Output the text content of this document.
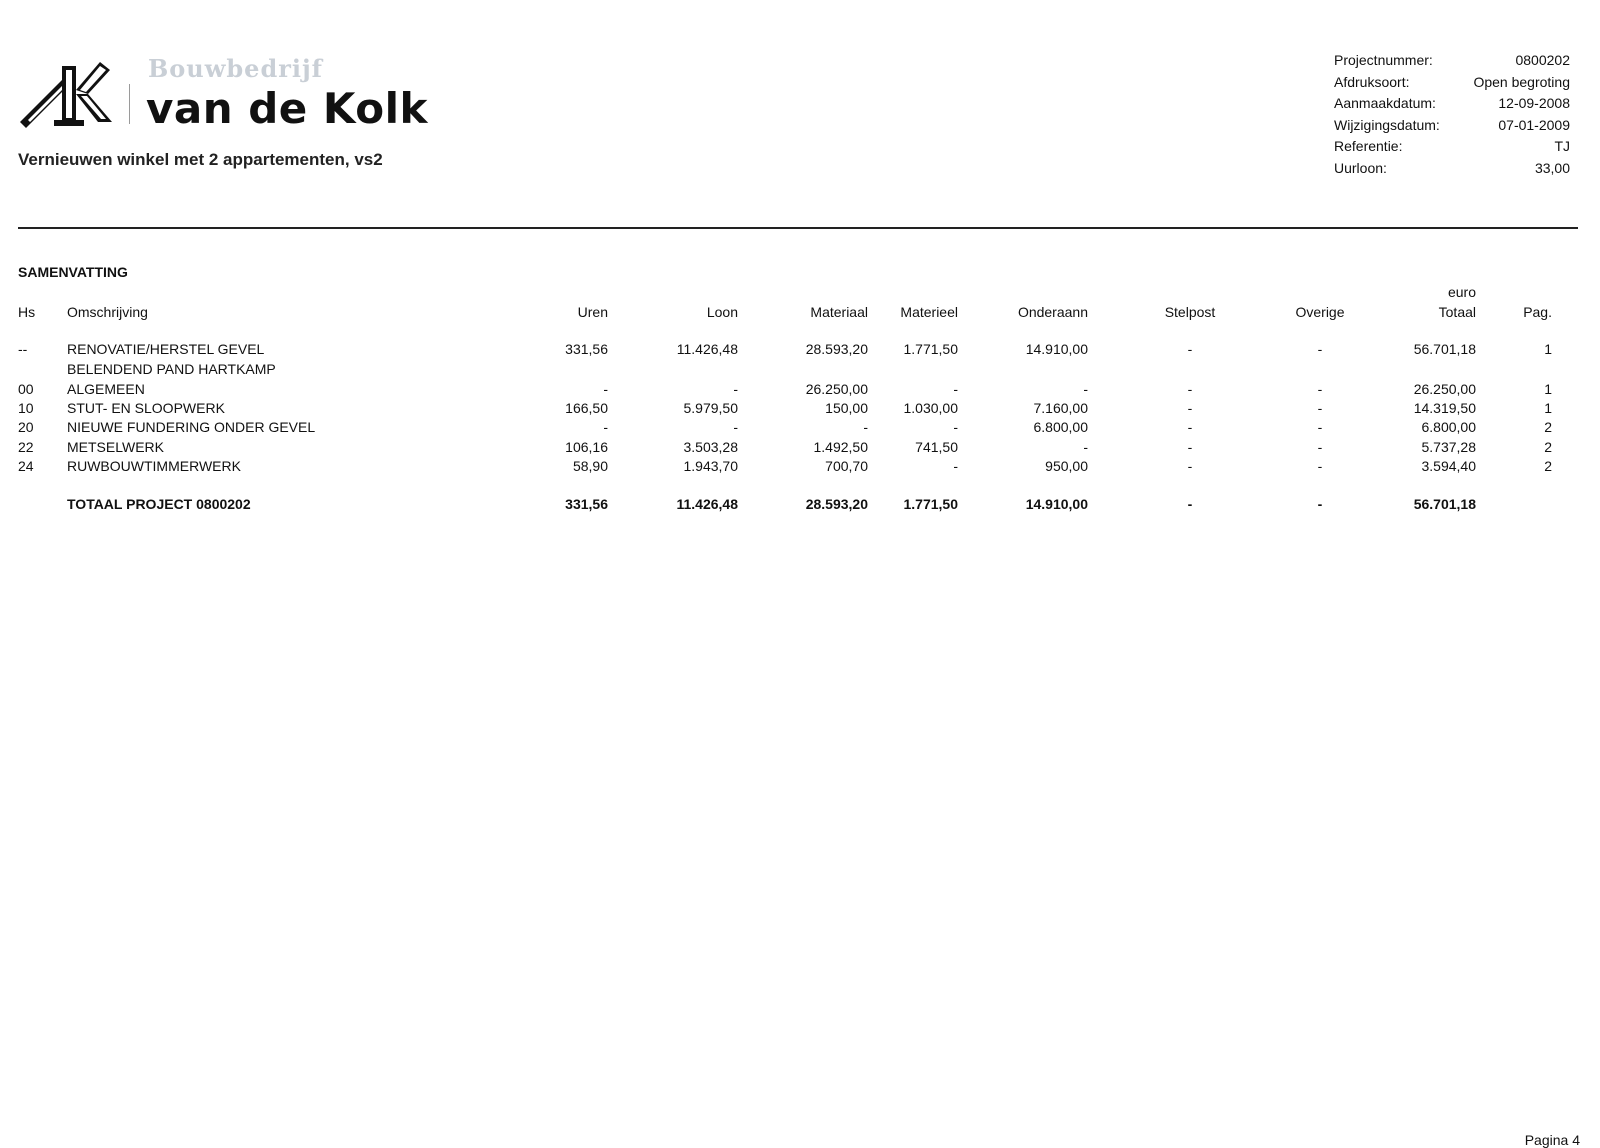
Bouwbedrijf
van de Kolk
Vernieuwen winkel met 2 appartementen, vs2
Projectnummer:	0800202
Afdruksoort:	Open begroting
Aanmaakdatum:	12-09-2008
Wijzigingsdatum:	07-01-2009
Referentie:	TJ
Uurloon:	33,00
SAMENVATTING
euro
Hs Omschrijving	Uren	Loon	Materiaal	Materieel	Onderaann	Stelpost	Overige	Totaal	Pag.
--	RENOVATIE/HERSTEL GEVEL	331,56	11.426,48	28.593,20	1.771,50	14.910,00	-	-	56.701,18	1
BELENDEND PAND HARTKAMP
00	ALGEMEEN	-	-	26.250,00	-	-	-	-	26.250,00	1
10	STUT- EN SLOOPWERK	166,50	5.979,50	150,00	1.030,00	7.160,00	-	-	14.319,50	1
20	NIEUWE FUNDERING ONDER GEVEL	-	-	-	-	6.800,00	-	-	6.800,00	2
22	METSELWERK	106,16	3.503,28	1.492,50	741,50	-	-	-	5.737,28	2
24	RUWBOUWTIMMERWERK	58,90	1.943,70	700,70	-	950,00	-	-	3.594,40	2
TOTAAL PROJECT 0800202	331,56	11.426,48	28.593,20	1.771,50	14.910,00	-	-	56.701,18
Pagina 4
